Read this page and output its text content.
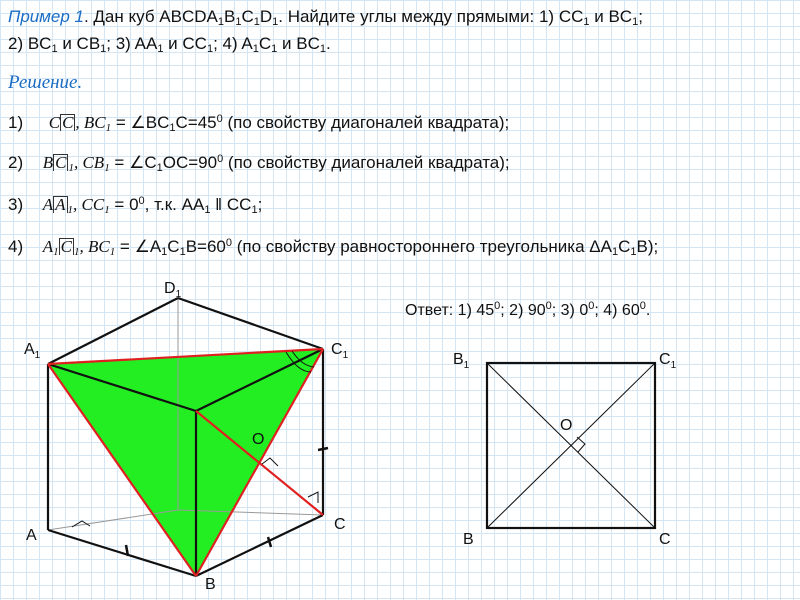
Пример 1. Дан куб $ABCDA_1B_1C_1D_1$. Найдите углы между прямыми: 1) $CC_1$ и $BC_1$;
2) $BC_1$ и $CB_1$; 3) $AA_1$ и $CC_1$; 4) $A_1C_1$ и $BC_1$.
Решение.
1) C C , $BC1 = \angle BC_1C=45^0$ (по свойству диагоналей квадрата);
2) B C 1, $CB1 = \angle C_1OC=90^0$ (по свойству диагоналей квадрата);
3) A A 1, $CC1 = 0^0$, т.к. $AA_1$ ‖ $CC_1$;
4) A1 C 1, $BC1 = \angle A_1C_1B=60^0$ (по свойству равностороннего треугольника $\Delta A_1C_1B$);
Ответ: 1) $45^0$; 2) $90^0$; 3) $0^0$; 4) $60^0$.
$D_1$
$A_1$	$C_1$
O
A
C
B
$B_1$	$C_1$
O
B	C
